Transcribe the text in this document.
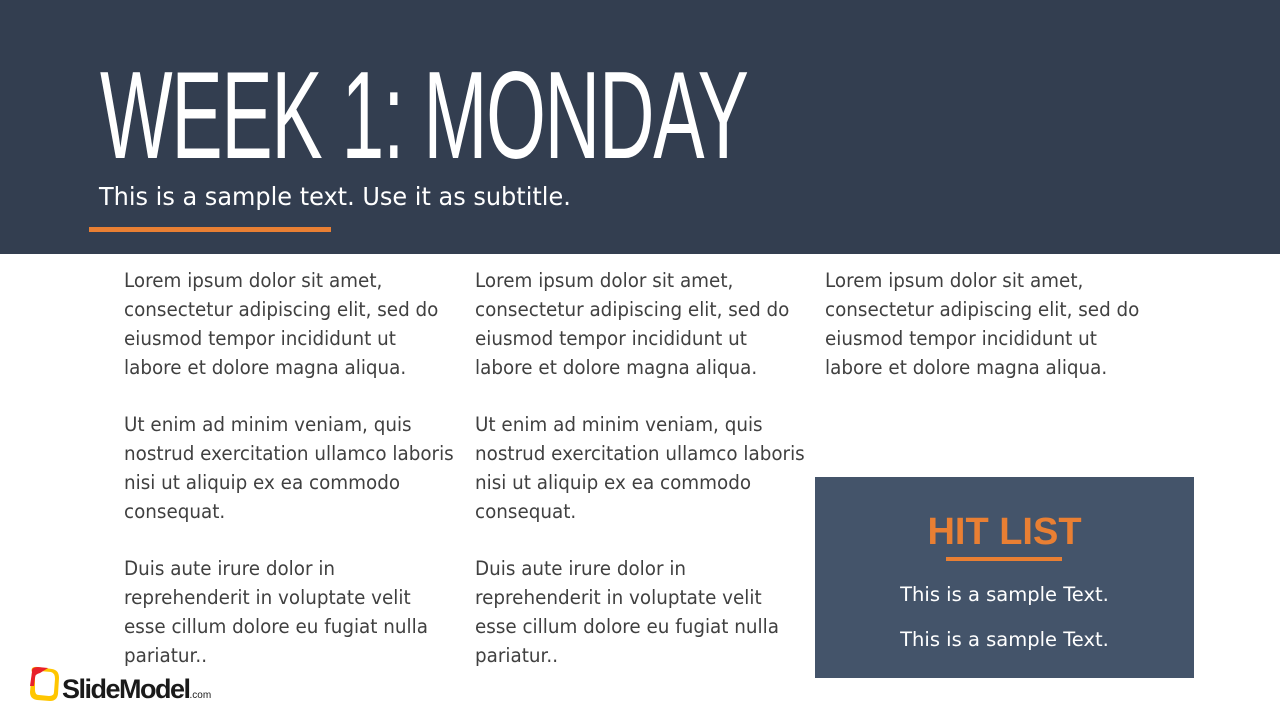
WEEK 1: MONDAY

This is a sample text. Use it as subtitle.

Lorem ipsum dolor sit amet, consectetur adipiscing elit, sed do eiusmod tempor incididunt ut labore et dolore magna aliqua.

Ut enim ad minim veniam, quis nostrud exercitation ullamco laboris nisi ut aliquip ex ea commodo consequat.

Duis aute irure dolor in reprehenderit in voluptate velit esse cillum dolore eu fugiat nulla pariatur..

Lorem ipsum dolor sit amet, consectetur adipiscing elit, sed do eiusmod tempor incididunt ut labore et dolore magna aliqua.

Ut enim ad minim veniam, quis nostrud exercitation ullamco laboris nisi ut aliquip ex ea commodo consequat.

Duis aute irure dolor in reprehenderit in voluptate velit esse cillum dolore eu fugiat nulla pariatur..

Lorem ipsum dolor sit amet, consectetur adipiscing elit, sed do eiusmod tempor incididunt ut labore et dolore magna aliqua.

HIT LIST

This is a sample Text.

This is a sample Text.

SlideModel.com
